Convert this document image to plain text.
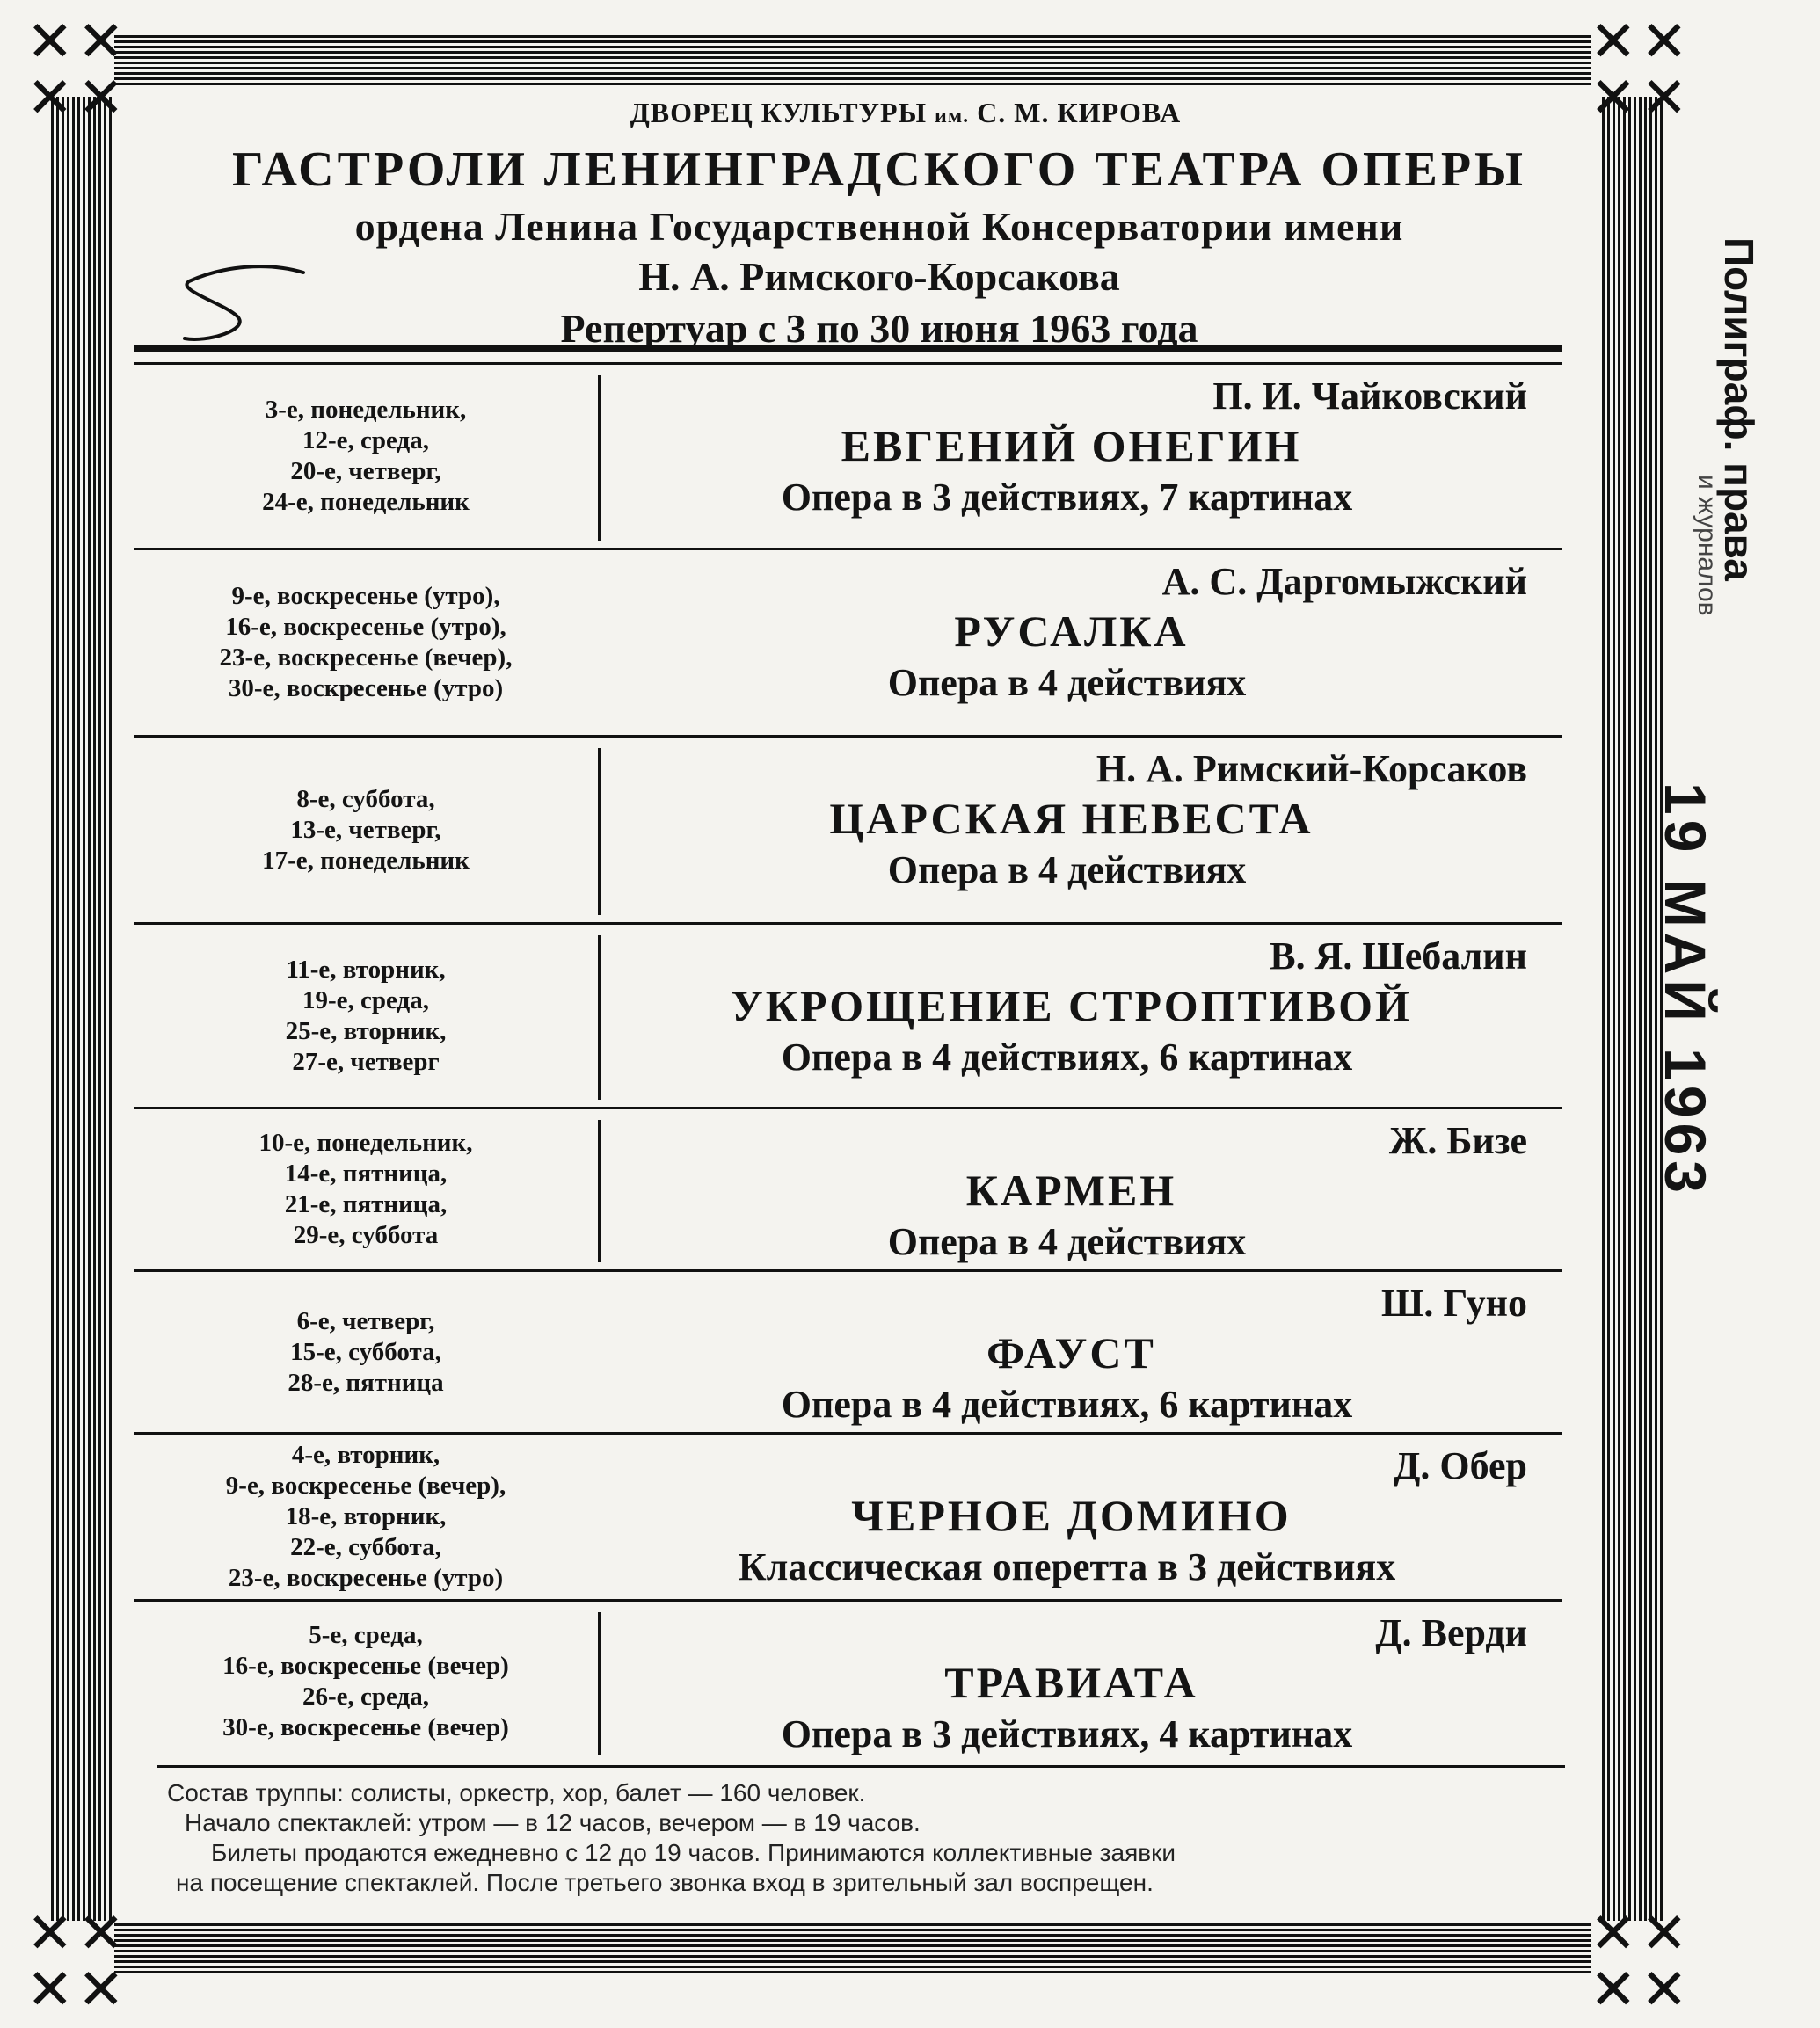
✕ ✕
✕ ✕
✕ ✕
✕ ✕
✕ ✕
✕ ✕
✕ ✕
✕ ✕
ДВОРЕЦ КУЛЬТУРЫ им. С. М. КИРОВА
ГАСТРОЛИ ЛЕНИНГРАДСКОГО ТЕАТРА ОПЕРЫ
ордена Ленина Государственной Консерватории имени
Н. А. Римского-Корсакова
Репертуар с 3 по 30 июня 1963 года
3-е, понедельник,
12-е, среда,
20-е, четверг,
24-е, понедельник
П. И. Чайковский
ЕВГЕНИЙ ОНЕГИН
Опера в 3 действиях, 7 картинах
9-е, воскресенье (утро),
16-е, воскресенье (утро),
23-е, воскресенье (вечер),
30-е, воскресенье (утро)
А. С. Даргомыжский
РУСАЛКА
Опера в 4 действиях
8-е, суббота,
13-е, четверг,
17-е, понедельник
Н. А. Римский-Корсаков
ЦАРСКАЯ НЕВЕСТА
Опера в 4 действиях
11-е, вторник,
19-е, среда,
25-е, вторник,
27-е, четверг
В. Я. Шебалин
УКРОЩЕНИЕ СТРОПТИВОЙ
Опера в 4 действиях, 6 картинах
10-е, понедельник,
14-е, пятница,
21-е, пятница,
29-е, суббота
Ж. Бизе
КАРМЕН
Опера в 4 действиях
6-е, четверг,
15-е, суббота,
28-е, пятница
Ш. Гуно
ФАУСТ
Опера в 4 действиях, 6 картинах
4-е, вторник,
9-е, воскресенье (вечер),
18-е, вторник,
22-е, суббота,
23-е, воскресенье (утро)
Д. Обер
ЧЕРНОЕ ДОМИНО
Классическая оперетта в 3 действиях
5-е, среда,
16-е, воскресенье (вечер)
26-е, среда,
30-е, воскресенье (вечер)
Д. Верди
ТРАВИАТА
Опера в 3 действиях, 4 картинах
Состав труппы: солисты, оркестр, хор, балет — 160 человек.
Начало спектаклей: утром — в 12 часов, вечером — в 19 часов.
Билеты продаются ежедневно с 12 до 19 часов. Принимаются коллективные заявки
на посещение спектаклей. После третьего звонка вход в зрительный зал воспрещен.
Полиграф. права
и журналов
19 МАЙ 1963
